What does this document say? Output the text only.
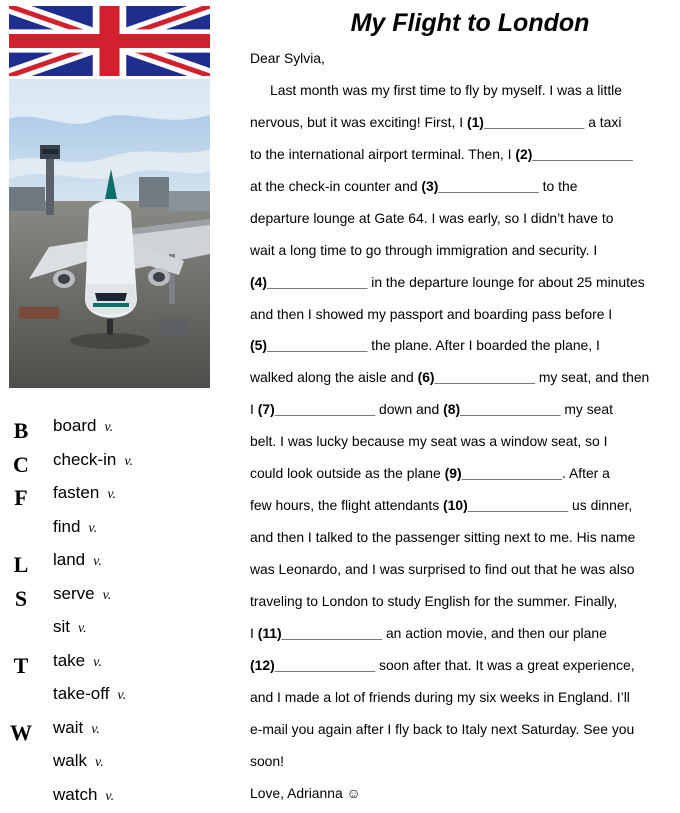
B board v.
C check-in v.
F fasten v.
find v.
L land v.
S serve v.
sit v.
T take v.
take-off v.
W wait v.
walk v.
watch v.
My Flight to London
Dear Sylvia,
Last month was my first time to fly by myself. I was a little
nervous, but it was exciting! First, I (1)_____________ a taxi
to the international airport terminal. Then, I (2)_____________
at the check-in counter and (3)_____________ to the
departure lounge at Gate 64. I was early, so I didn’t have to
wait a long time to go through immigration and security. I
(4)_____________ in the departure lounge for about 25 minutes
and then I showed my passport and boarding pass before I
(5)_____________ the plane. After I boarded the plane, I
walked along the aisle and (6)_____________ my seat, and then
I (7)_____________ down and (8)_____________ my seat
belt. I was lucky because my seat was a window seat, so I
could look outside as the plane (9)_____________. After a
few hours, the flight attendants (10)_____________ us dinner,
and then I talked to the passenger sitting next to me. His name
was Leonardo, and I was surprised to find out that he was also
traveling to London to study English for the summer. Finally,
I (11)_____________ an action movie, and then our plane
(12)_____________ soon after that. It was a great experience,
and I made a lot of friends during my six weeks in England. I’ll
e-mail you again after I fly back to Italy next Saturday. See you
soon!
Love, Adrianna ☺
